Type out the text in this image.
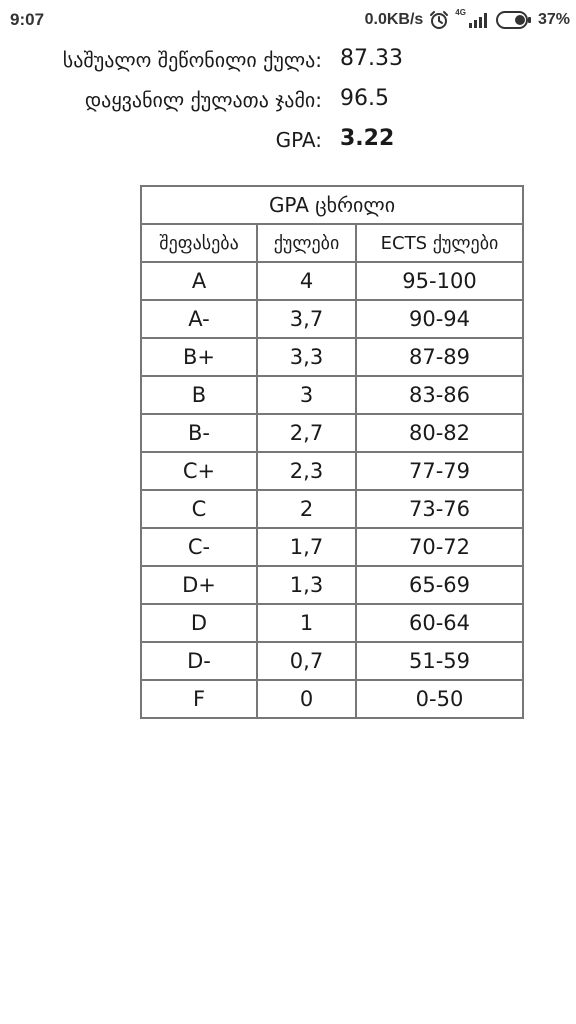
9:07	0.0KB/s	4G	37%
საშუალო შეწონილი ქულა: 87.33
დაყვანილ ქულათა ჯამი: 96.5
GPA: 3.22
GPA ცხრილი		
შეფასება	ქულები	ECTS ქულები
A	4	95-100
A-	3,7	90-94
B+	3,3	87-89
B	3	83-86
B-	2,7	80-82
C+	2,3	77-79
C	2	73-76
C-	1,7	70-72
D+	1,3	65-69
D	1	60-64
D-	0,7	51-59
F	0	0-50
